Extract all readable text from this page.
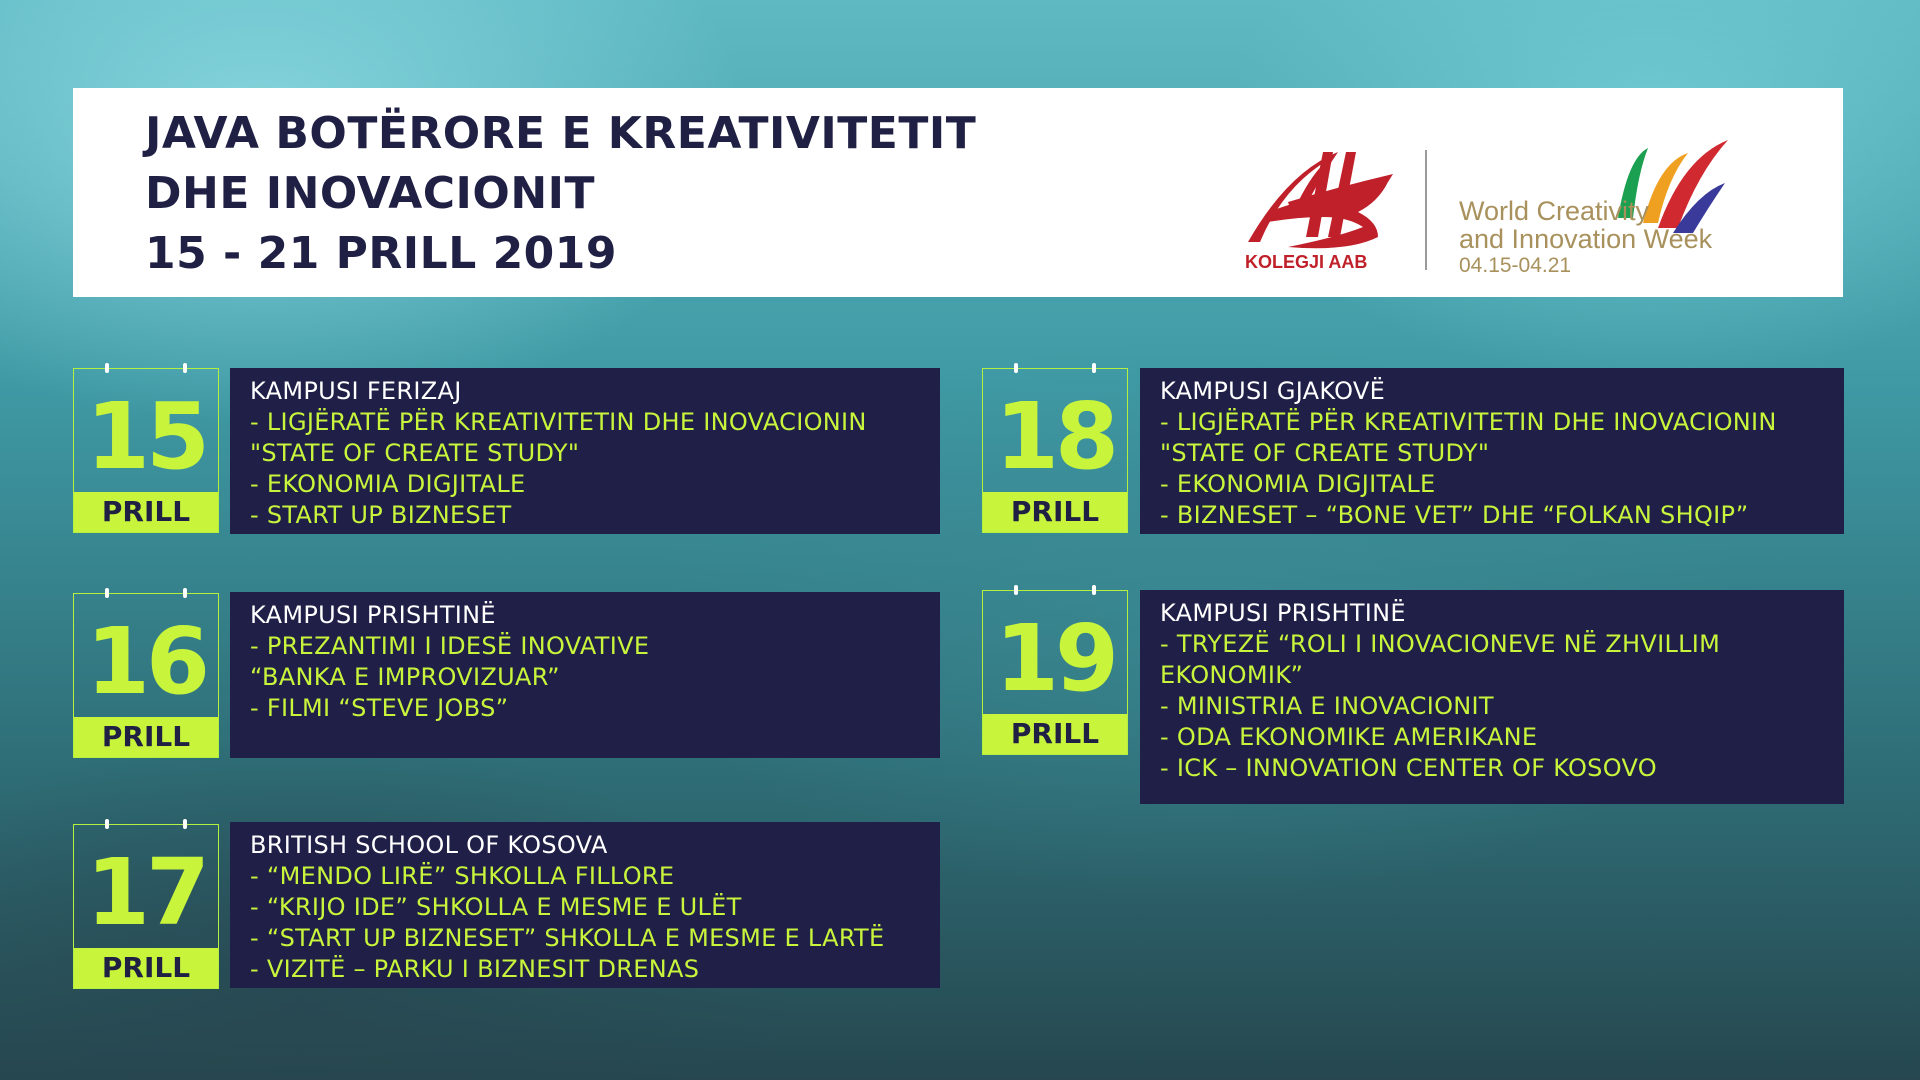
JAVA BOTËRORE E KREATIVITETIT
DHE INOVACIONIT
15 - 21 PRILL 2019	KOLEGJI AAB
World Creativity
and Innovation Week
04.15-04.21
15
PRILL
KAMPUSI FERIZAJ
- LIGJËRATË PËR KREATIVITETIN DHE INOVACIONIN
"STATE OF CREATE STUDY"
- EKONOMIA DIGJITALE
- START UP BIZNESET
16
PRILL
KAMPUSI PRISHTINË
- PREZANTIMI I IDESË INOVATIVE
“BANKA E IMPROVIZUAR”
- FILMI “STEVE JOBS”
17
PRILL
BRITISH SCHOOL OF KOSOVA
- “MENDO LIRË” SHKOLLA FILLORE
- “KRIJO IDE” SHKOLLA E MESME E ULËT
- “START UP BIZNESET” SHKOLLA E MESME E LARTË
- VIZITË – PARKU I BIZNESIT DRENAS
18
PRILL
KAMPUSI GJAKOVË
- LIGJËRATË PËR KREATIVITETIN DHE INOVACIONIN
"STATE OF CREATE STUDY"
- EKONOMIA DIGJITALE
- BIZNESET – “BONE VET” DHE “FOLKAN SHQIP”
19
PRILL
KAMPUSI PRISHTINË
- TRYEZË “ROLI I INOVACIONEVE NË ZHVILLIM
EKONOMIK”
- MINISTRIA E INOVACIONIT
- ODA EKONOMIKE AMERIKANE
- ICK – INNOVATION CENTER OF KOSOVO
